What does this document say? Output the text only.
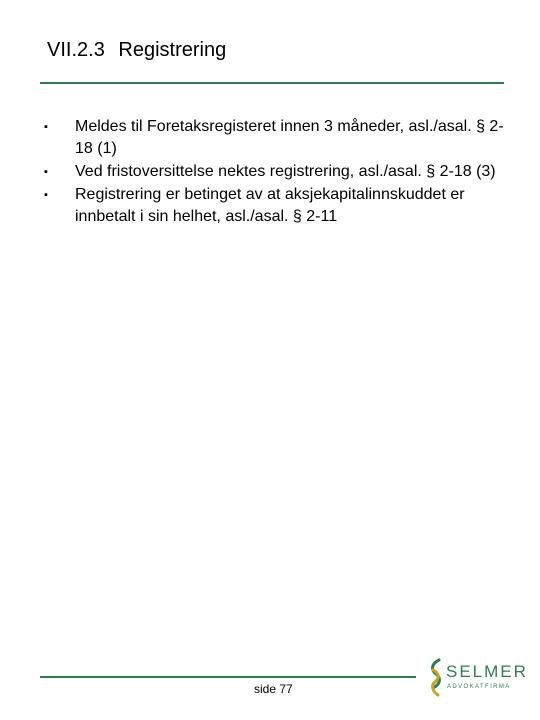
VII.2.3 Registrering
▪ Meldes til Foretaksregisteret innen 3 måneder, asl./asal. § 2-18 (1)
▪ Ved fristoversittelse nektes registrering, asl./asal. § 2-18 (3)
▪ Registrering er betinget av at aksjekapitalinnskuddet er innbetalt i sin helhet, asl./asal. § 2-11
side 77
SELMER
ADVOKATFIRMA
